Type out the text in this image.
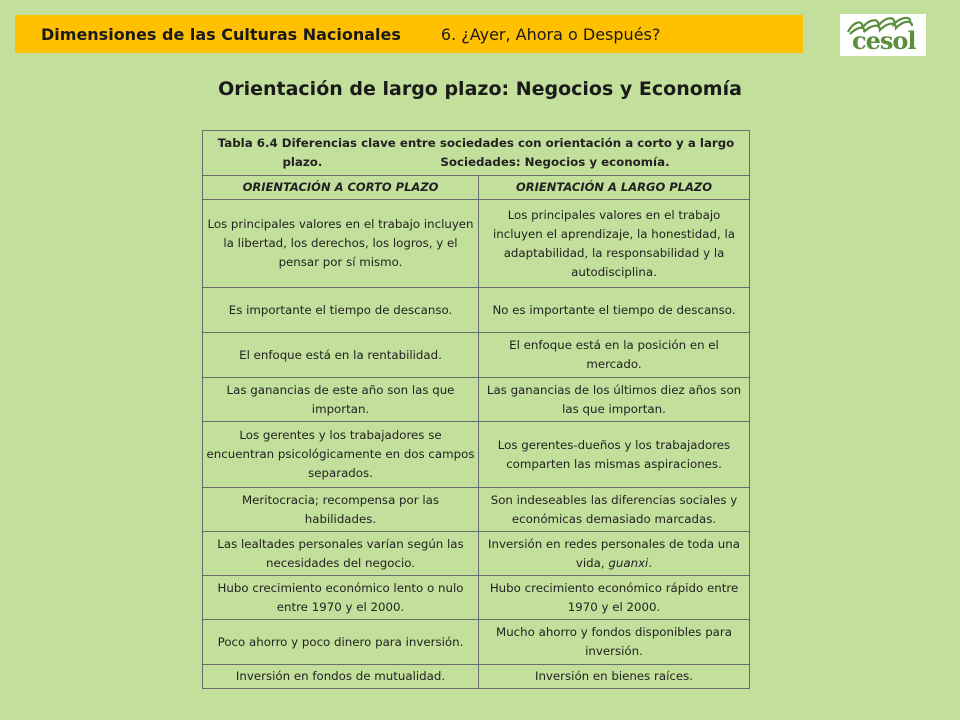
Dimensiones de las Culturas Nacionales	6. ¿Ayer, Ahora o Después?	cesol
Orientación de largo plazo: Negocios y Economía
Tabla 6.4 Diferencias clave entre sociedades con orientación a corto y a largo
plazo. Sociedades: Negocios y economía.	

ORIENTACIÓN A CORTO PLAZO	ORIENTACIÓN A LARGO PLAZO
Los principales valores en el trabajo incluyen la libertad, los derechos, los logros, y el pensar por sí mismo.	Los principales valores en el trabajo incluyen el aprendizaje, la honestidad, la adaptabilidad, la responsabilidad y la autodisciplina.
Es importante el tiempo de descanso.	No es importante el tiempo de descanso.
El enfoque está en la rentabilidad.	El enfoque está en la posición en el mercado.
Las ganancias de este año son las que importan.	Las ganancias de los últimos diez años son las que importan.
Los gerentes y los trabajadores se encuentran psicológicamente en dos campos separados.	Los gerentes-dueños y los trabajadores comparten las mismas aspiraciones.
Meritocracia; recompensa por las habilidades.	Son indeseables las diferencias sociales y económicas demasiado marcadas.
Las lealtades personales varían según las necesidades del negocio.	Inversión en redes personales de toda una vida, guanxi.
Hubo crecimiento económico lento o nulo entre 1970 y el 2000.	Hubo crecimiento económico rápido entre 1970 y el 2000.
Poco ahorro y poco dinero para inversión.	Mucho ahorro y fondos disponibles para inversión.
Inversión en fondos de mutualidad.	Inversión en bienes raíces.
